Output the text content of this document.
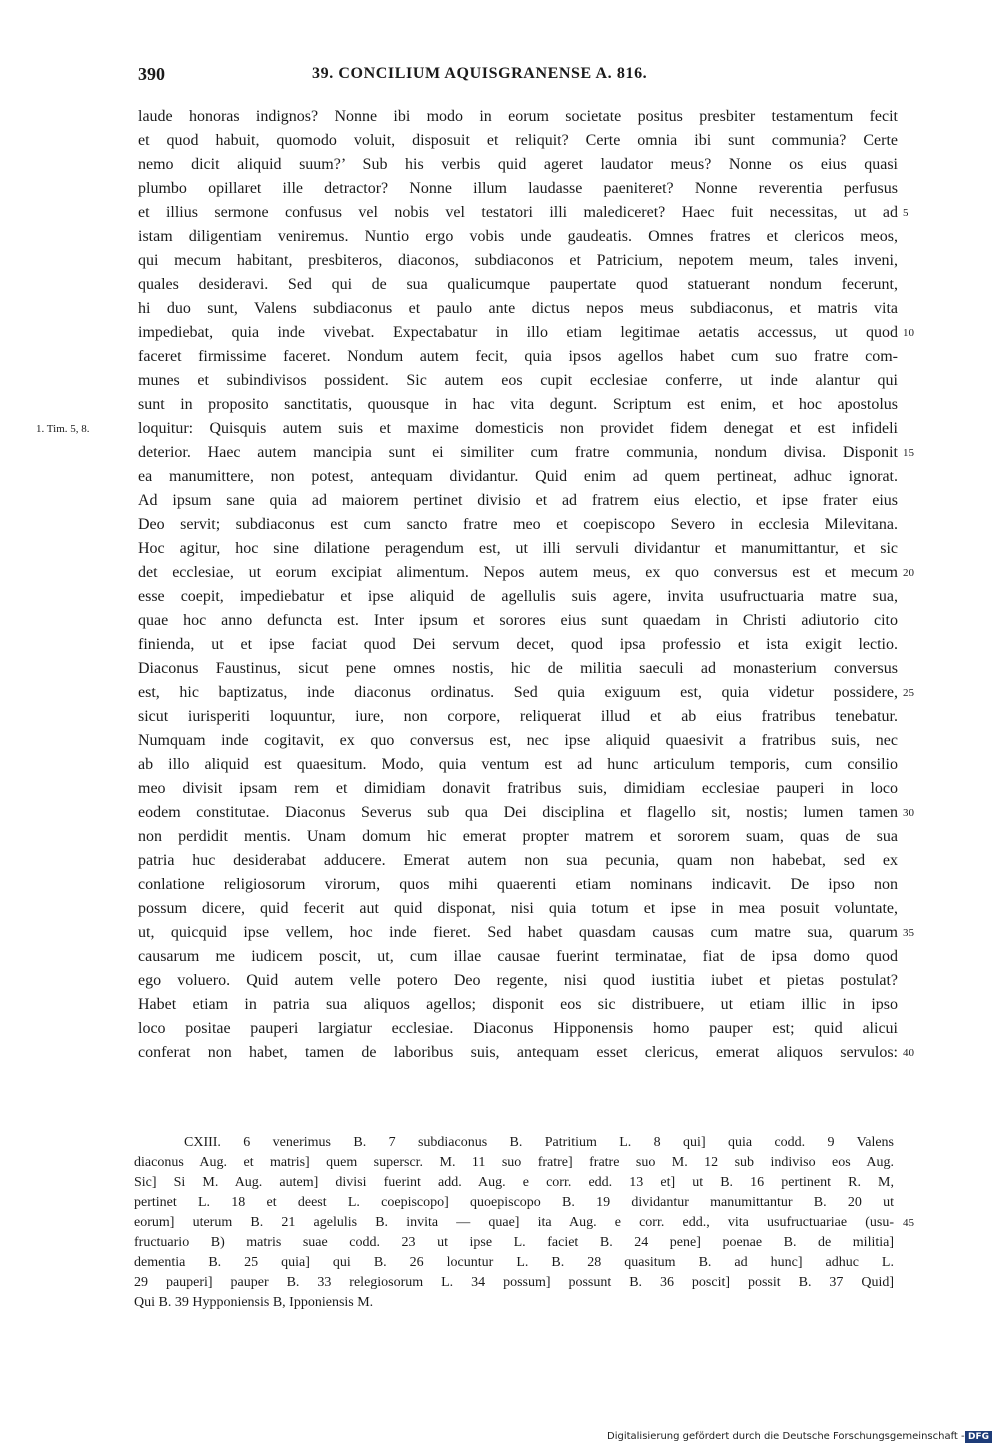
390	39. CONCILIUM AQUISGRANENSE A. 816.
laude honoras indignos? Nonne ibi modo in eorum societate positus presbiter testamentum fecit
et quod habuit, quomodo voluit, disposuit et reliquit? Certe omnia ibi sunt communia? Certe
nemo dicit aliquid suum?’ Sub his verbis quid ageret laudator meus? Nonne os eius quasi
plumbo opillaret ille detractor? Nonne illum laudasse paeniteret? Nonne reverentia perfusus
et illius sermone confusus vel nobis vel testatori illi malediceret? Haec fuit necessitas, ut ad
istam diligentiam veniremus. Nuntio ergo vobis unde gaudeatis. Omnes fratres et clericos meos,
qui mecum habitant, presbiteros, diaconos, subdiaconos et Patricium, nepotem meum, tales inveni,
quales desideravi. Sed qui de sua qualicumque paupertate quod statuerant nondum fecerunt,
hi duo sunt, Valens subdiaconus et paulo ante dictus nepos meus subdiaconus, et matris vita
impediebat, quia inde vivebat. Expectabatur in illo etiam legitimae aetatis accessus, ut quod
faceret firmissime faceret. Nondum autem fecit, quia ipsos agellos habet cum suo fratre com-
munes et subindivisos possident. Sic autem eos cupit ecclesiae conferre, ut inde alantur qui
sunt in proposito sanctitatis, quousque in hac vita degunt. Scriptum est enim, et hoc apostolus
loquitur: Quisquis autem suis et maxime domesticis non providet fidem denegat et est infideli
deterior. Haec autem mancipia sunt ei similiter cum fratre communia, nondum divisa. Disponit
ea manumittere, non potest, antequam dividantur. Quid enim ad quem pertineat, adhuc ignorat.
Ad ipsum sane quia ad maiorem pertinet divisio et ad fratrem eius electio, et ipse frater eius
Deo servit; subdiaconus est cum sancto fratre meo et coepiscopo Severo in ecclesia Milevitana.
Hoc agitur, hoc sine dilatione peragendum est, ut illi servuli dividantur et manumittantur, et sic
det ecclesiae, ut eorum excipiat alimentum. Nepos autem meus, ex quo conversus est et mecum
esse coepit, impediebatur et ipse aliquid de agellulis suis agere, invita usufructuaria matre sua,
quae hoc anno defuncta est. Inter ipsum et sorores eius sunt quaedam in Christi adiutorio cito
finienda, ut et ipse faciat quod Dei servum decet, quod ipsa professio et ista exigit lectio.
Diaconus Faustinus, sicut pene omnes nostis, hic de militia saeculi ad monasterium conversus
est, hic baptizatus, inde diaconus ordinatus. Sed quia exiguum est, quia videtur possidere,
sicut iurisperiti loquuntur, iure, non corpore, reliquerat illud et ab eius fratribus tenebatur.
Numquam inde cogitavit, ex quo conversus est, nec ipse aliquid quaesivit a fratribus suis, nec
ab illo aliquid est quaesitum. Modo, quia ventum est ad hunc articulum temporis, cum consilio
meo divisit ipsam rem et dimidiam donavit fratribus suis, dimidiam ecclesiae pauperi in loco
eodem constitutae. Diaconus Severus sub qua Dei disciplina et flagello sit, nostis; lumen tamen
non perdidit mentis. Unam domum hic emerat propter matrem et sororem suam, quas de sua
patria huc desiderabat adducere. Emerat autem non sua pecunia, quam non habebat, sed ex
conlatione religiosorum virorum, quos mihi quaerenti etiam nominans indicavit. De ipso non
possum dicere, quid fecerit aut quid disponat, nisi quia totum et ipse in mea posuit voluntate,
ut, quicquid ipse vellem, hoc inde fieret. Sed habet quasdam causas cum matre sua, quarum
causarum me iudicem poscit, ut, cum illae causae fuerint terminatae, fiat de ipsa domo quod
ego voluero. Quid autem velle potero Deo regente, nisi quod iustitia iubet et pietas postulat?
Habet etiam in patria sua aliquos agellos; disponit eos sic distribuere, ut etiam illic in ipso
loco positae pauperi largiatur ecclesiae. Diaconus Hipponensis homo pauper est; quid alicui
conferat non habet, tamen de laboribus suis, antequam esset clericus, emerat aliquos servulos:
1. Tim. 5, 8.
5
10
15
20
25
30
35
40
CXIII. 6 venerimus B. 7 subdiaconus B. Patritium L. 8 qui] quia codd. 9 Valens
diaconus Aug. et matris] quem superscr. M. 11 suo fratre] fratre suo M. 12 sub indiviso eos Aug.
Sic] Si M. Aug. autem] divisi fuerint add. Aug. e corr. edd. 13 et] ut B. 16 pertinent R. M,
pertinet L. 18 et deest L. coepiscopo] quoepiscopo B. 19 dividantur manumittantur B. 20 ut
eorum] uterum B. 21 agelulis B. invita — quae] ita Aug. e corr. edd., vita usufructuariae (usu-
fructuario B) matris suae codd. 23 ut ipse L. faciet B. 24 pene] poenae B. de militia]
dementia B. 25 quia] qui B. 26 locuntur L. B. 28 quasitum B. ad hunc] adhuc L.
29 pauperi] pauper B. 33 relegiosorum L. 34 possum] possunt B. 36 poscit] possit B. 37 Quid]
Qui B. 39 Hypponiensis B, Ipponiensis M.
45
Digitalisierung gefördert durch die Deutsche Forschungsgemeinschaft - DFG
